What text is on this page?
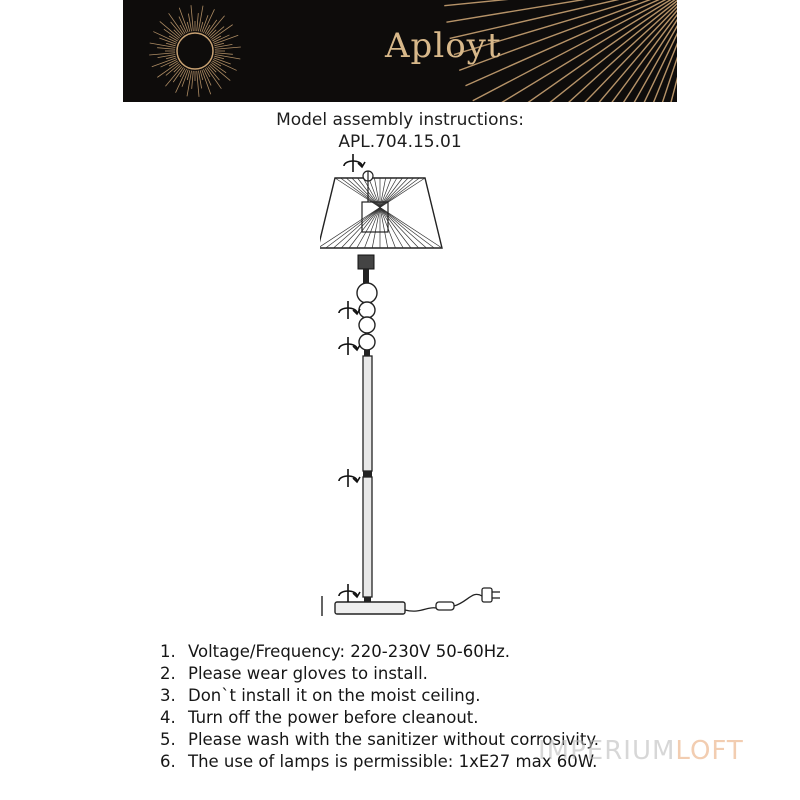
Aployt
Model assembly instructions:
APL.704.15.01
1. Voltage/Frequency: 220-230V 50-60Hz.
2. Please wear gloves to install.
3. Don`t install it on the moist ceiling.
4. Turn off the power before cleanout.
5. Please wash with the sanitizer without corrosivity.
6. The use of lamps is permissible: 1xE27 max 60W.
IMPERIUMLOFT
